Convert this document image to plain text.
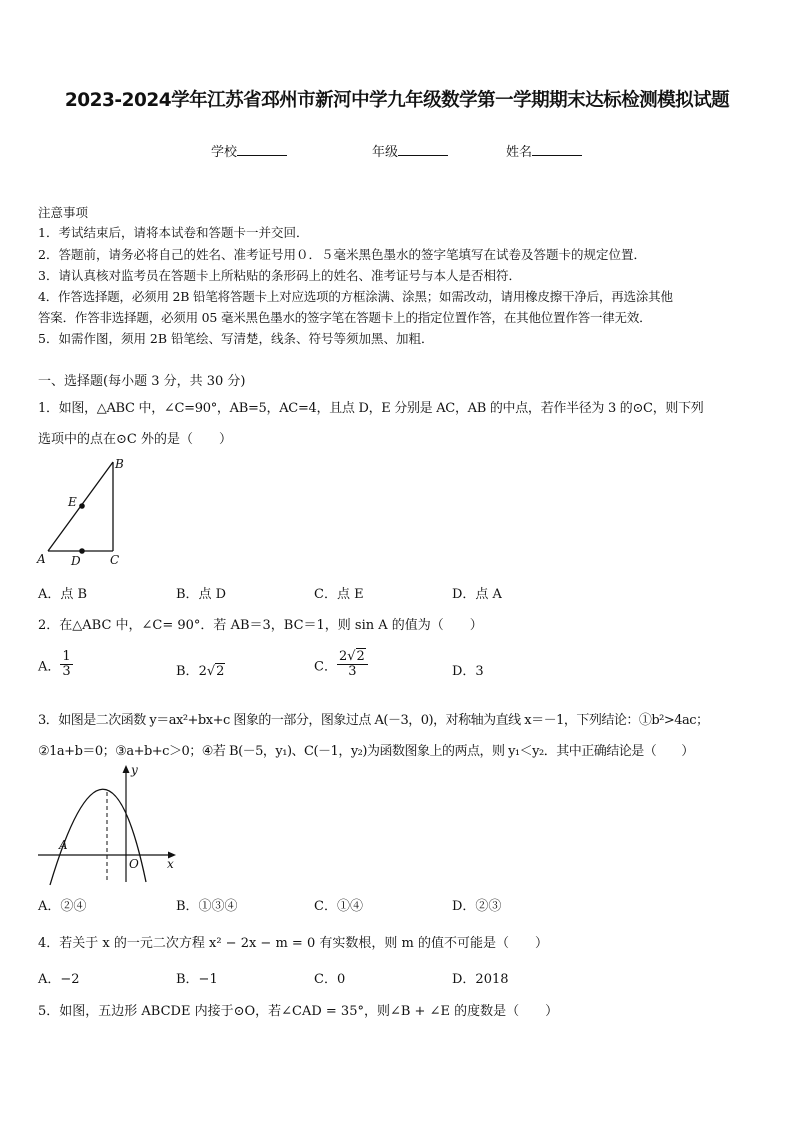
2023-2024学年江苏省邳州市新河中学九年级数学第一学期期末达标检测模拟试题
学校	年级	姓名
注意事项
1．考试结束后，请将本试卷和答题卡一并交回．
2．答题前，请务必将自己的姓名、准考证号用０．５毫米黑色墨水的签字笔填写在试卷及答题卡的规定位置．
3．请认真核对监考员在答题卡上所粘贴的条形码上的姓名、准考证号与本人是否相符．
4．作答选择题，必须用 2B 铅笔将答题卡上对应选项的方框涂满、涂黑；如需改动，请用橡皮擦干净后，再选涂其他
答案．作答非选择题，必须用 05 毫米黑色墨水的签字笔在答题卡上的指定位置作答，在其他位置作答一律无效．
5．如需作图，须用 2B 铅笔绘、写清楚，线条、符号等须加黑、加粗．
一、选择题(每小题 3 分，共 30 分)
1．如图，△ABC 中，∠C=90°，AB=5，AC=4，且点 D，E 分别是 AC，AB 的中点，若作半径为 3 的⊙C，则下列
选项中的点在⊙C 外的是（　　）
B
E
A D C
A．点 B	B．点 D	C．点 E	D．点 A
2．在△ABC 中，∠C= 90°．若 AB＝3，BC＝1，则 sin A 的值为（　　）
A． $\frac{1}{3}$	B．2√2	C． $\frac{2√2}{3}$	D．3
3．如图是二次函数 y＝ax²+bx+c 图象的一部分，图象过点 A(－3，0)，对称轴为直线 x＝－1，下列结论：①b²>4ac；
②1a+b＝0；③a+b+c＞0；④若 B(－5，y₁)、C(－1，y₂)为函数图象上的两点，则 y₁＜y₂．其中正确结论是（　　）
y
x
O
A
A．②④	B．①③④	C．①④	D．②③
4．若关于 x 的一元二次方程 x² − 2x − m = 0 有实数根，则 m 的值不可能是（　　）
A．−2	B．−1	C．0	D．2018
5．如图，五边形 ABCDE 内接于⊙O，若∠CAD = 35°，则∠B + ∠E 的度数是（　　）
